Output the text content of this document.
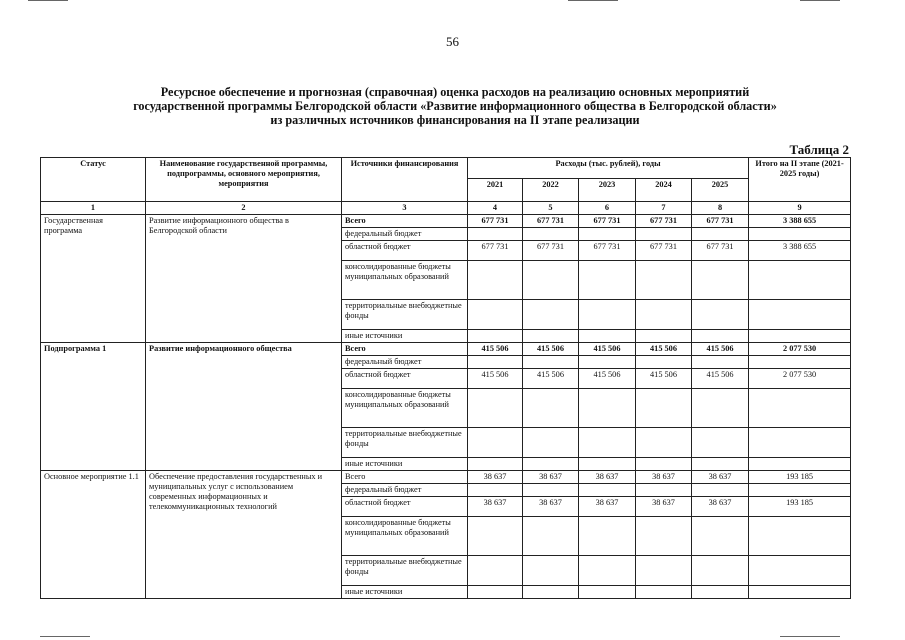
56
Ресурсное обеспечение и прогнозная (справочная) оценка расходов на реализацию основных мероприятий
государственной программы Белгородской области «Развитие информационного общества в Белгородской области»
из различных источников финансирования на II этапе реализации
Таблица 2
Статус	Наименование государственной программы, подпрограммы, основного мероприятия, мероприятия	Источники финансирования	Расходы (тыс. рублей), годы					Итого на II этапе (2021-2025 годы)
			2021	2022	2023	2024	2025	
1	2	3	4	5	6	7	8	9
Государственная программа	Развитие информационного общества в Белгородской области	Всего	677 731	677 731	677 731	677 731	677 731	3 388 655
		федеральный бюджет						
		областной бюджет	677 731	677 731	677 731	677 731	677 731	3 388 655
		консолидированные бюджеты муниципальных образований						
		территориальные внебюджетные фонды						
		иные источники						
Подпрограмма 1	Развитие информационного общества	Всего	415 506	415 506	415 506	415 506	415 506	2 077 530
		федеральный бюджет						
		областной бюджет	415 506	415 506	415 506	415 506	415 506	2 077 530
		консолидированные бюджеты муниципальных образований						
		территориальные внебюджетные фонды						
		иные источники						
Основное мероприятие 1.1	Обеспечение предоставления государственных и муниципальных услуг с использованием современных информационных и телекоммуникационных технологий	Всего	38 637	38 637	38 637	38 637	38 637	193 185
		федеральный бюджет						
		областной бюджет	38 637	38 637	38 637	38 637	38 637	193 185
		консолидированные бюджеты муниципальных образований						
		территориальные внебюджетные фонды						
		иные источники						
